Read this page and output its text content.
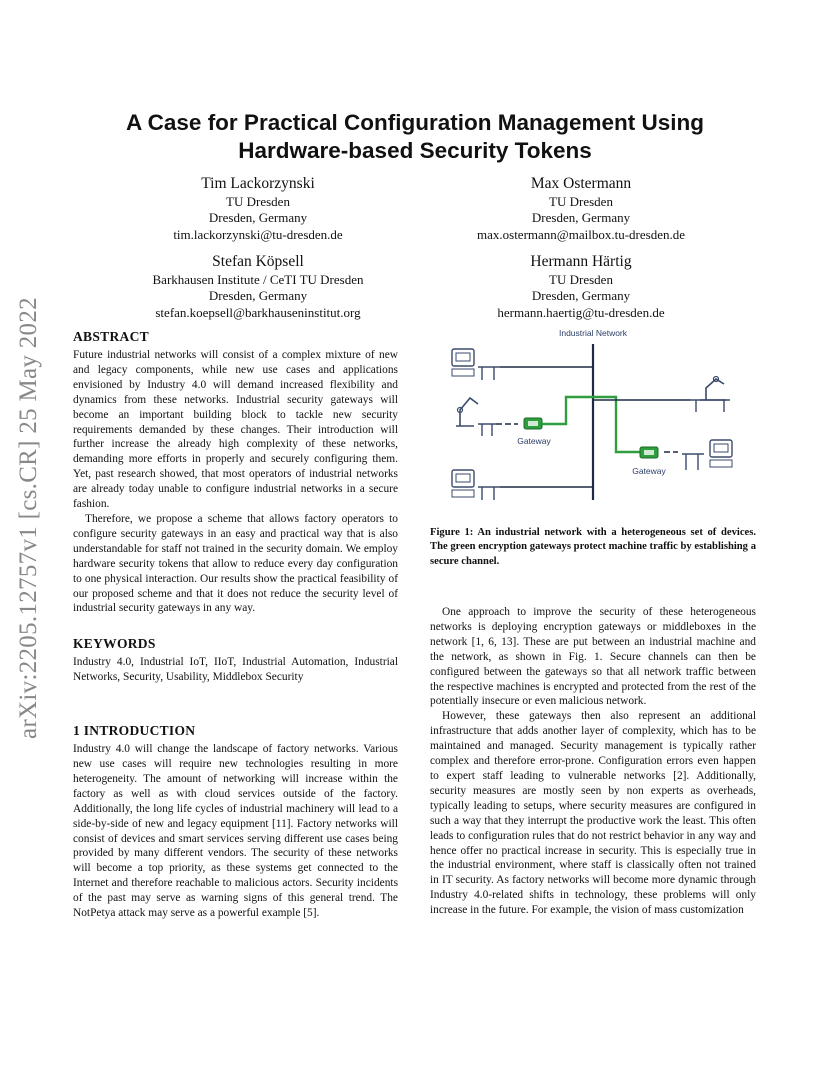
arXiv:2205.12757v1 [cs.CR] 25 May 2022
A Case for Practical Configuration Management Using
Hardware-based Security Tokens
Tim Lackorzynski
TU Dresden
Dresden, Germany
tim.lackorzynski@tu-dresden.de
Max Ostermann
TU Dresden
Dresden, Germany
max.ostermann@mailbox.tu-dresden.de
Stefan Köpsell
Barkhausen Institute / CeTI TU Dresden
Dresden, Germany
stefan.koepsell@barkhauseninstitut.org
Hermann Härtig
TU Dresden
Dresden, Germany
hermann.haertig@tu-dresden.de
ABSTRACT

Future industrial networks will consist of a complex mixture of new and legacy components, while new use cases and applications envisioned by Industry 4.0 will demand increased flexibility and dynamics from these networks. Industrial security gateways will become an important building block to tackle new security requirements demanded by these changes. Their introduction will further increase the already high complexity of these networks, demanding more efforts in properly and securely configuring them. Yet, past research showed, that most operators of industrial networks are already today unable to configure industrial networks in a secure fashion.

Therefore, we propose a scheme that allows factory operators to configure security gateways in an easy and practical way that is also understandable for staff not trained in the security domain. We employ hardware security tokens that allow to reduce every day configuration to one physical interaction. Our results show the practical feasibility of our proposed scheme and that it does not reduce the security level of industrial security gateways in any way.

KEYWORDS

Industry 4.0, Industrial IoT, IIoT, Industrial Automation, Industrial Networks, Security, Usability, Middlebox Security

1 INTRODUCTION

Industry 4.0 will change the landscape of factory networks. Various new use cases will require new technologies resulting in more heterogeneity. The amount of networking will increase within the factory as well as with cloud services outside of the factory. Additionally, the long life cycles of industrial machinery will lead to a side-by-side of new and legacy equipment [11]. Factory networks will consist of devices and smart services serving different use cases being provided by many different vendors. The security of these networks will become a top priority, as these systems get connected to the Internet and therefore reachable to malicious actors. Security incidents of the past may serve as warning signs of this general trend. The NotPetya attack may serve as a powerful example [5].

Industrial Network
Gateway
Gateway
Figure 1: An industrial network with a heterogeneous set of devices. The green encryption gateways protect machine traffic by establishing a secure channel.

One approach to improve the security of these heterogeneous networks is deploying encryption gateways or middleboxes in the network [1, 6, 13]. These are put between an industrial machine and the network, as shown in Fig. 1. Secure channels can then be configured between the gateways so that all network traffic between the respective machines is encrypted and protected from the rest of the potentially insecure or even malicious network.

However, these gateways then also represent an additional infrastructure that adds another layer of complexity, which has to be maintained and managed. Security management is typically rather complex and therefore error-prone. Configuration errors even happen to expert staff leading to vulnerable networks [2]. Additionally, security measures are mostly seen by non experts as overheads, typically leading to setups, where security measures are configured in such a way that they interrupt the productive work the least. This often leads to configuration rules that do not restrict behavior in any way and hence offer no practical increase in security. This is especially true in the industrial environment, where staff is classically often not trained in IT security. As factory networks will become more dynamic through Industry 4.0-related shifts in technology, these problems will only increase in the future. For example, the vision of mass customization
